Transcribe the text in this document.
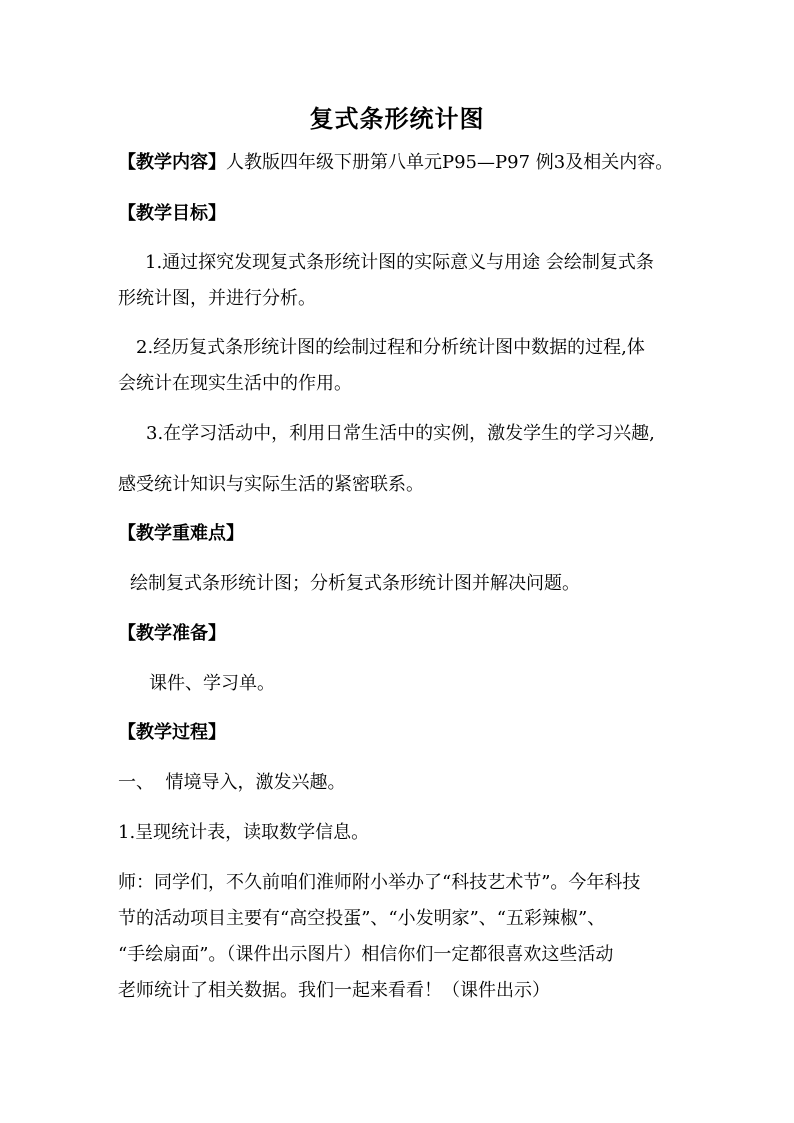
复式条形统计图
【教学内容】人教版四年级下册第八单元P95—P97 例3及相关内容。
【教学目标】
1.通过探究发现复式条形统计图的实际意义与用途 会绘制复式条
形统计图，并进行分析。
2.经历复式条形统计图的绘制过程和分析统计图中数据的过程,体
会统计在现实生活中的作用。
3.在学习活动中，利用日常生活中的实例，激发学生的学习兴趣,
感受统计知识与实际生活的紧密联系。
【教学重难点】
绘制复式条形统计图；分析复式条形统计图并解决问题。
【教学准备】
课件、学习单。
【教学过程】
一、  情境导入，激发兴趣。
1.呈现统计表，读取数学信息。
师：同学们，不久前咱们淮师附小举办了“科技艺术节”。今年科技
节的活动项目主要有“高空投蛋”、“小发明家”、“五彩辣椒”、
“手绘扇面”。（课件出示图片）相信你们一定都很喜欢这些活动
老师统计了相关数据。我们一起来看看！（课件出示）
